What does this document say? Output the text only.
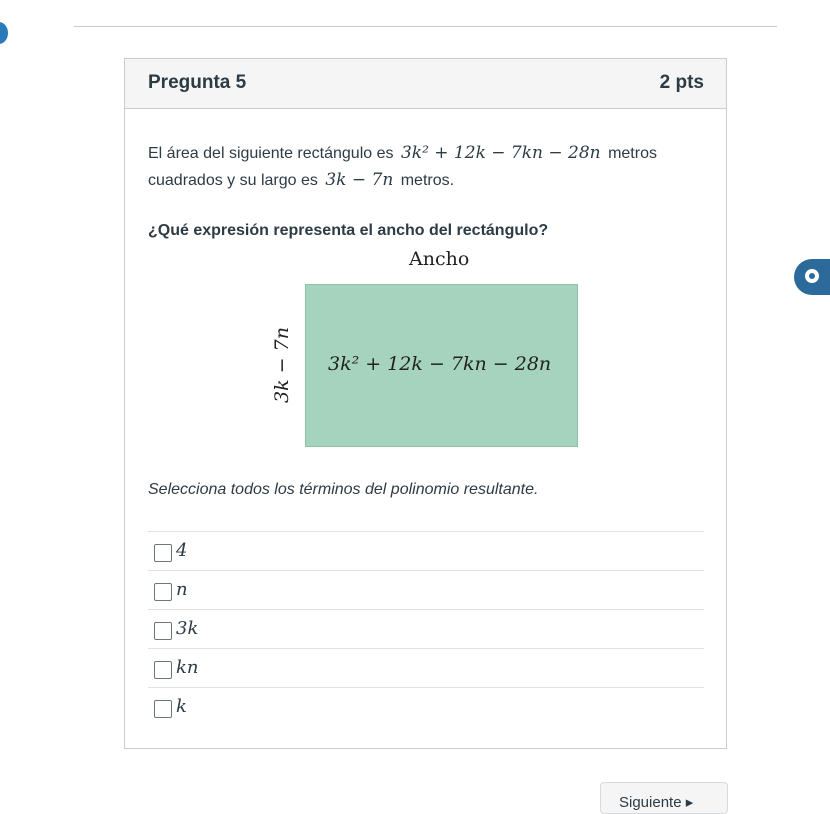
Pregunta 5	2 pts
El área del siguiente rectángulo es 3k² + 12k − 7kn − 28n metros
cuadrados y su largo es 3k − 7n metros.
¿Qué expresión representa el ancho del rectángulo?
Ancho
3k − 7n 3k² + 12k − 7kn − 28n
Selecciona todos los términos del polinomio resultante.
4
n
3k
kn
k
Siguiente ▸
